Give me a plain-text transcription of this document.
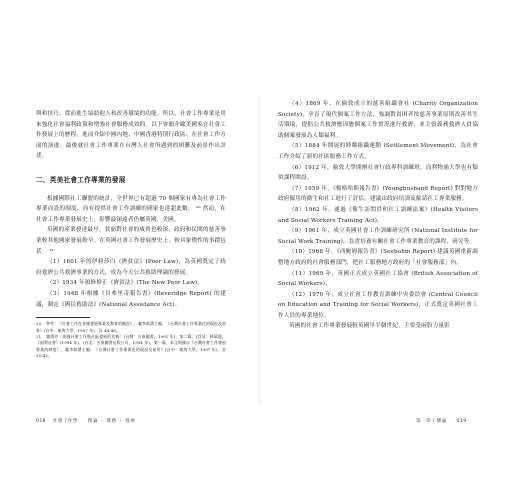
與和扶巧、從而進生協助他人和改善環境的功能。所以，社會工作專業是用來強化社會福利政策和增強社會服務成效的。以下會簡介歐美國家在社會工作發展上的歷程，進而介紹中國內地、中國香港特別行政區、在社會工作方面的演進、最後就社會工作專業在台灣人社會所遇到的困難及前景作出評述。

二、英美社會工作專業的發展

根據國際社工聯盟的統計，全世界已有超過 70 個國家有專為社會工作專業而設的制度，而有提供社會工作訓練的國家也達超此數。 ²⁰ 然而，在社會工作專業發展史上，影響最深遠者仍屬英國、美國。

英國的產業發達最早，貧窮對社會的威脅也較深，政府和民間的慈善事業較其他國家發展較早。在英國社會工作發展歷史上，較具象徵性的事蹟包括： ²¹

（1）1601 年的伊莉莎白《濟貧法》(Poor Law)，為英國奠定了政府救濟公共救濟事業的方式，成為今天公共救助理論的發展。

（2）1934 年頒修修正《濟貧法》(The New Poor Law)。

（3）1948 年根據《貝弗里奇報告書》(Beveridge Report) 的建議，制定《國民救助法》(National Assistance Act)。

20. 參考：《社會工作在各國發展專業及教育的概況》，載李欽湧主編，《台灣社會工作專業化的現況及前景》(台中：東海大學，1997 年)，頁 44-46。

21. 謝琇玲〈英國社會工作與社區發展的比較〉(台灣：五南圖書，1991 年)，第二篇；(詳見：林萬億，《福利社會》(1994 年)，(台北：五南圖書出版公司，1994 年)，第一篇，本文則摘自《台灣社會工作發展專業的制度》，載李欽湧主編，《台灣社會工作專業化的現況及前景》(台中：東海大學，1997 年)，頁 35-43。

018 社會工作學 理論 ・ 實務 ・ 發展

（4）1869 年，在倫敦成立的慈善組織會社 (Charity Organization Society)，孕育了現代個案工作方法，強調對貧困者按慈善事業原則改善其生活環境，提倡公共救濟應因應個案工作實況進行救濟，並主張義務救濟人員協助個案發展為人類福利。

（5）1884 年開展的睦鄰組織運動 (Settlement Movement)，為社會工作介紹了新的社區服務工作方式。

（6）1912 年，倫敦大學開辦社會行政專科訓練班，而利物浦大學也有類似課程開設。

（7）1959 年，《楊格哈斯報告書》(Younghusband Report) 對對地方政府僱用的衛生和社工進行了評估，建議由政府培訓及僱請社工專業服務。

（8）1962 年，通過《衛生訪問員和社工訓練法案》(Health Visitors and Social Workers Training Act)。

（9）1961 年，成立英國社會工作訓練研究所 (National Institute for Social Work Training)，負責培養有關社會工作專業教育的課程、研究等。

（10）1968 年，《西鮑姆報告書》(Seebohm Report) 建議英國重新調整地方政府的社會服務部門，把社工服務地方政府的「社會服務部」內。

（11）1969 年，英國正式成立英國社工協會 (British Association of Social Workers)。

（12）1970 年，成立社會工作教育訓練中央委員會 (Central Council on Education and Training for Social Workers)，正式奠定英國社會工作人員的專業地位。

英國的社會工作專業發展較英國早半個世紀，主要受兩股力量影

第一章 / 總論 019
